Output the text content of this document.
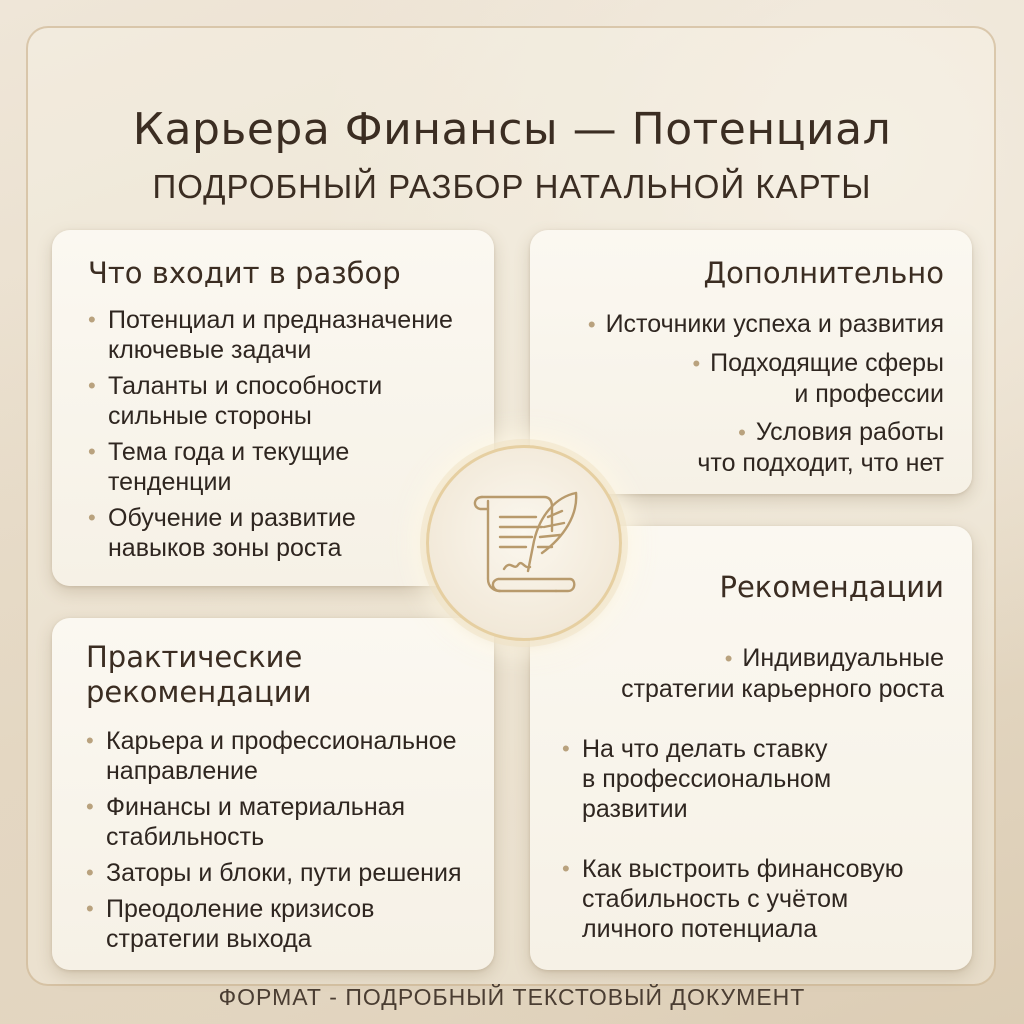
Карьера Финансы — Потенциал
ПОДРОБНЫЙ РАЗБОР НАТАЛЬНОЙ КАРТЫ
Что входит в разбор
• Потенциал и предназначение
ключевые задачи
• Таланты и способности
сильные стороны
• Тема года и текущие
тенденции
• Обучение и развитие
навыков зоны роста
Дополнительно
• Источники успеха и развития
• Подходящие сферы
и профессии
• Условия работы
что подходит, что нет
Практические
рекомендации
• Карьера и профессиональное
направление
• Финансы и материальная
стабильность
• Заторы и блоки, пути решения
• Преодоление кризисов
стратегии выхода
Рекомендации
• Индивидуальные
стратегии карьерного роста
• На что делать ставку
в профессиональном
развитии
• Как выстроить финансовую
стабильность с учётом
личного потенциала
ФОРМАТ - ПОДРОБНЫЙ ТЕКСТОВЫЙ ДОКУМЕНТ
